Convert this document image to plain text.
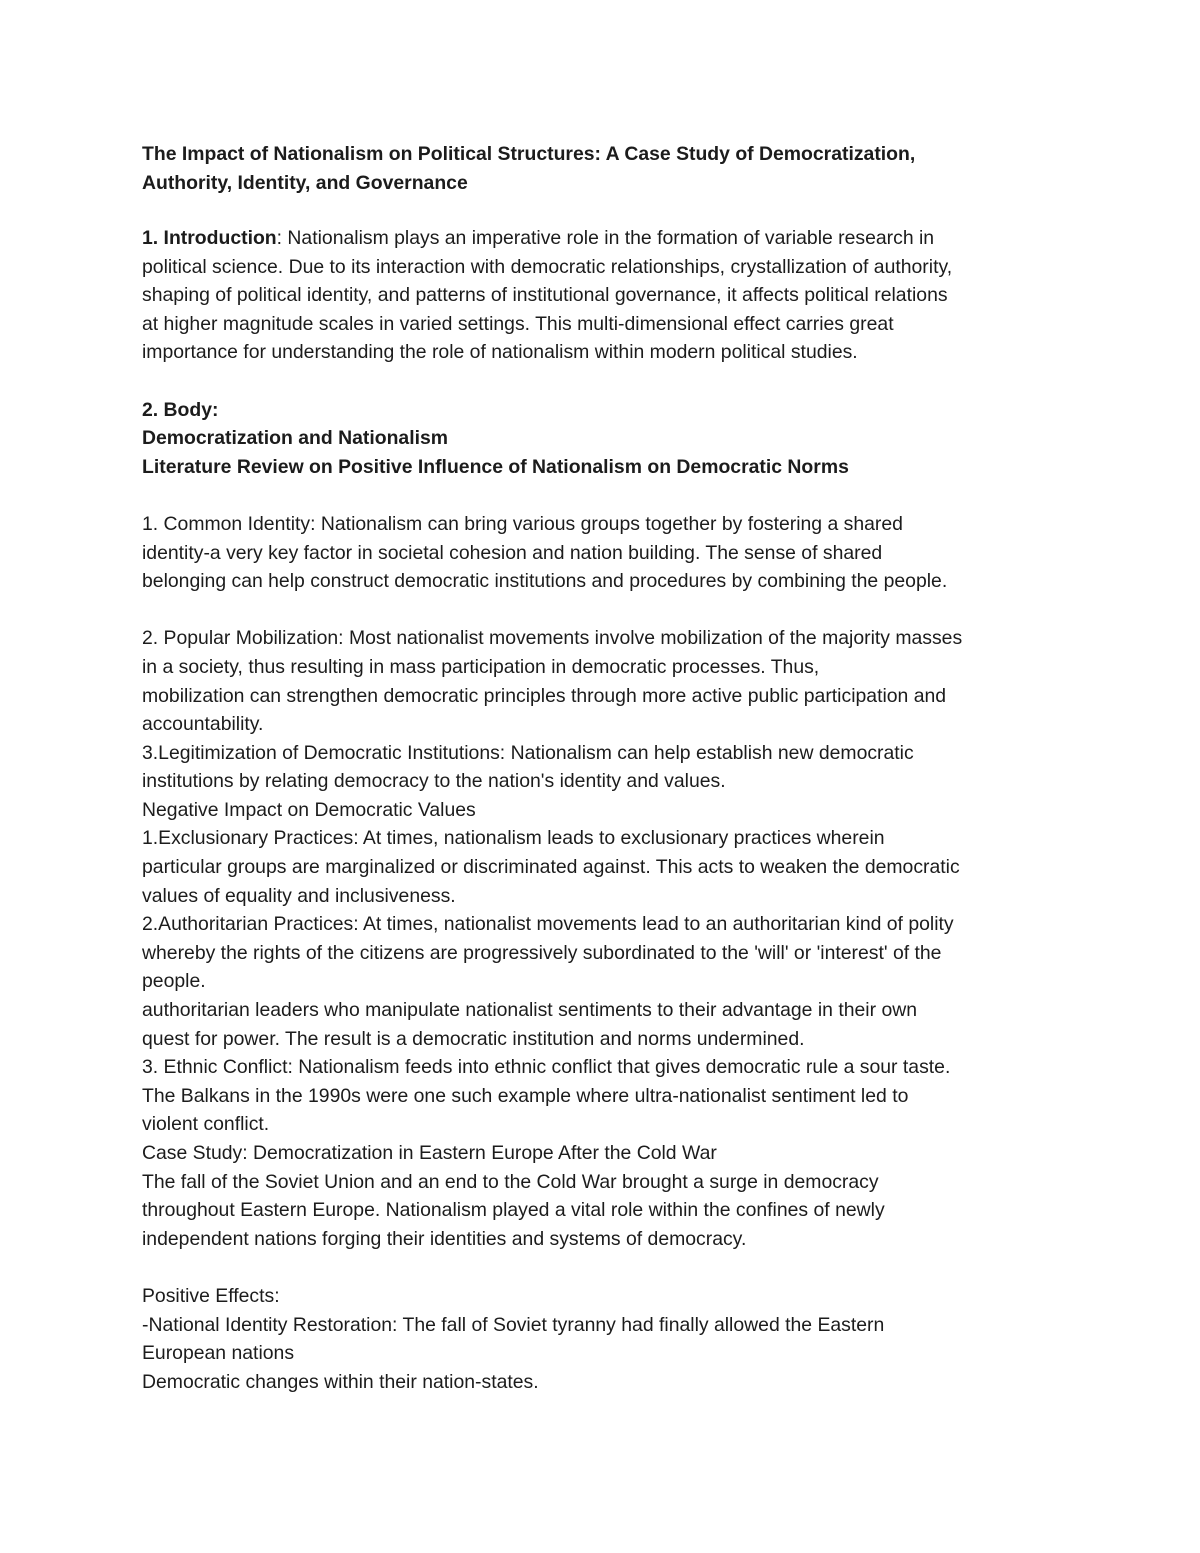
The Impact of Nationalism on Political Structures: A Case Study of Democratization,
Authority, Identity, and Governance
1. Introduction: Nationalism plays an imperative role in the formation of variable research in
political science. Due to its interaction with democratic relationships, crystallization of authority,
shaping of political identity, and patterns of institutional governance, it affects political relations
at higher magnitude scales in varied settings. This multi-dimensional effect carries great
importance for understanding the role of nationalism within modern political studies.
2. Body:
Democratization and Nationalism
Literature Review on Positive Influence of Nationalism on Democratic Norms
1. Common Identity: Nationalism can bring various groups together by fostering a shared
identity-a very key factor in societal cohesion and nation building. The sense of shared
belonging can help construct democratic institutions and procedures by combining the people.
2. Popular Mobilization: Most nationalist movements involve mobilization of the majority masses
in a society, thus resulting in mass participation in democratic processes. Thus,
mobilization can strengthen democratic principles through more active public participation and
accountability.
3.Legitimization of Democratic Institutions: Nationalism can help establish new democratic
institutions by relating democracy to the nation's identity and values.
Negative Impact on Democratic Values
1.Exclusionary Practices: At times, nationalism leads to exclusionary practices wherein
particular groups are marginalized or discriminated against. This acts to weaken the democratic
values of equality and inclusiveness.
2.Authoritarian Practices: At times, nationalist movements lead to an authoritarian kind of polity
whereby the rights of the citizens are progressively subordinated to the 'will' or 'interest' of the
people.
authoritarian leaders who manipulate nationalist sentiments to their advantage in their own
quest for power. The result is a democratic institution and norms undermined.
3. Ethnic Conflict: Nationalism feeds into ethnic conflict that gives democratic rule a sour taste.
The Balkans in the 1990s were one such example where ultra-nationalist sentiment led to
violent conflict.
Case Study: Democratization in Eastern Europe After the Cold War
The fall of the Soviet Union and an end to the Cold War brought a surge in democracy
throughout Eastern Europe. Nationalism played a vital role within the confines of newly
independent nations forging their identities and systems of democracy.
Positive Effects:
-National Identity Restoration: The fall of Soviet tyranny had finally allowed the Eastern
European nations
Democratic changes within their nation-states.
